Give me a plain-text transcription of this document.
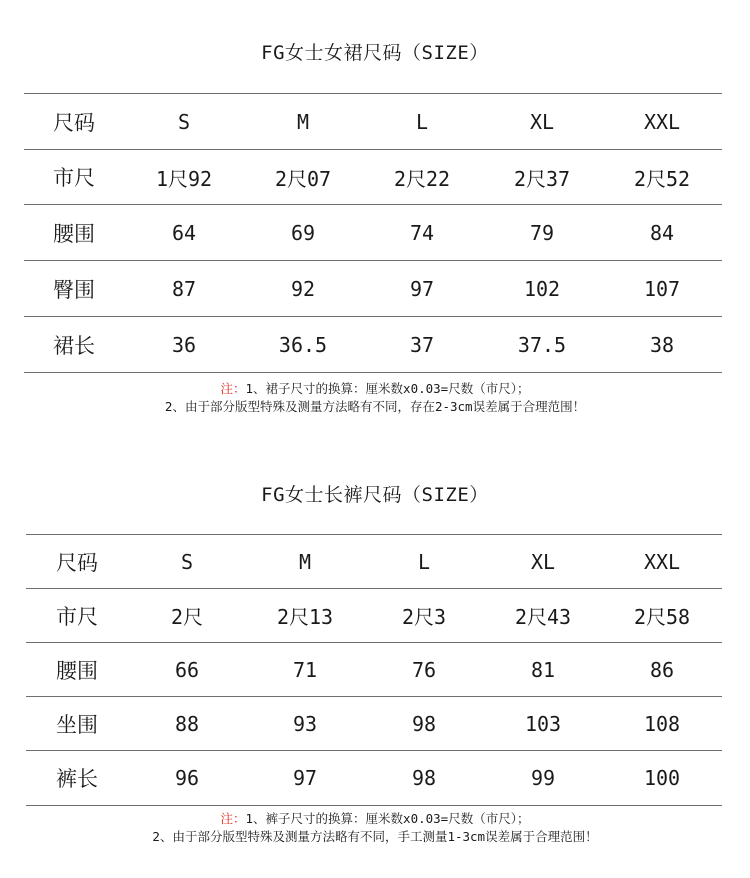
FG女士女裙尺码（SIZE）
尺码	S	M	L	XL	XXL
市尺	1尺92	2尺07	2尺22	2尺37	2尺52
腰围	64	69	74	79	84
臀围	87	92	97	102	107
裙长	36	36.5	37	37.5	38
注：1、裙子尺寸的换算：厘米数x0.03=尺数（市尺）；
2、由于部分版型特殊及测量方法略有不同，存在2-3cm误差属于合理范围！
FG女士长裤尺码（SIZE）
尺码	S	M	L	XL	XXL
市尺	2尺	2尺13	2尺3	2尺43	2尺58
腰围	66	71	76	81	86
坐围	88	93	98	103	108
裤长	96	97	98	99	100
注：1、裤子尺寸的换算：厘米数x0.03=尺数（市尺）；
2、由于部分版型特殊及测量方法略有不同，手工测量1-3cm误差属于合理范围！
